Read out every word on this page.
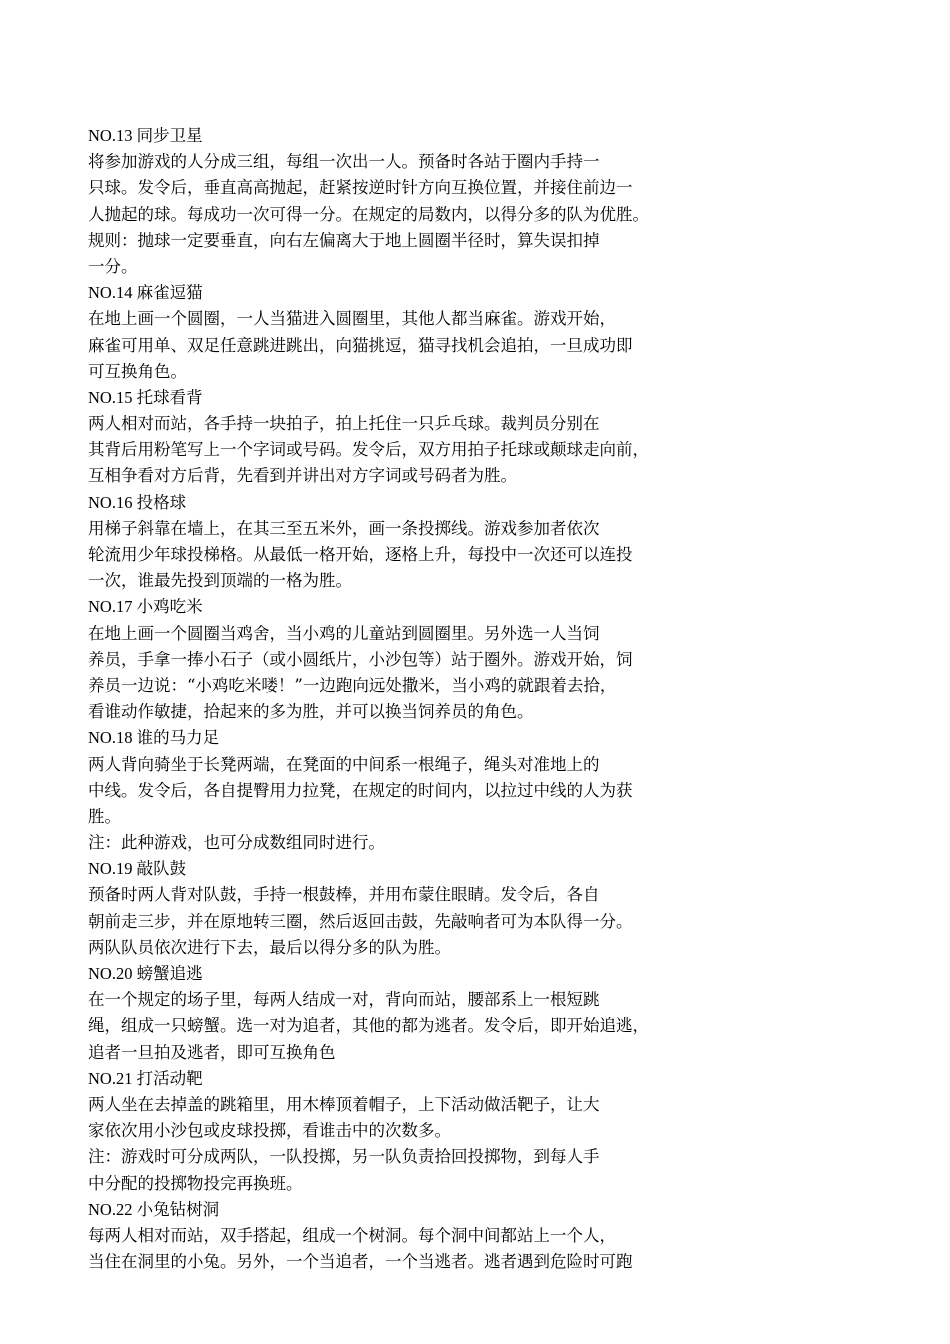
NO.13 同步卫星
将参加游戏的人分成三组，每组一次出一人。预备时各站于圈内手持一
只球。发令后，垂直高高抛起，赶紧按逆时针方向互换位置，并接住前边一
人抛起的球。每成功一次可得一分。在规定的局数内，以得分多的队为优胜。
规则：抛球一定要垂直，向右左偏离大于地上圆圈半径时，算失误扣掉
一分。
NO.14 麻雀逗猫
在地上画一个圆圈，一人当猫进入圆圈里，其他人都当麻雀。游戏开始，
麻雀可用单、双足任意跳进跳出，向猫挑逗，猫寻找机会追拍，一旦成功即
可互换角色。
NO.15 托球看背
两人相对而站，各手持一块拍子，拍上托住一只乒乓球。裁判员分别在
其背后用粉笔写上一个字词或号码。发令后，双方用拍子托球或颠球走向前，
互相争看对方后背，先看到并讲出对方字词或号码者为胜。
NO.16 投格球
用梯子斜靠在墙上，在其三至五米外，画一条投掷线。游戏参加者依次
轮流用少年球投梯格。从最低一格开始，逐格上升，每投中一次还可以连投
一次，谁最先投到顶端的一格为胜。
NO.17 小鸡吃米
在地上画一个圆圈当鸡舍，当小鸡的儿童站到圆圈里。另外选一人当饲
养员，手拿一捧小石子（或小圆纸片，小沙包等）站于圈外。游戏开始，饲
养员一边说：“小鸡吃米喽！”一边跑向远处撒米，当小鸡的就跟着去拾，
看谁动作敏捷，拾起来的多为胜，并可以换当饲养员的角色。
NO.18 谁的马力足
两人背向骑坐于长凳两端，在凳面的中间系一根绳子，绳头对准地上的
中线。发令后，各自提臀用力拉凳，在规定的时间内，以拉过中线的人为获
胜。
注：此种游戏，也可分成数组同时进行。
NO.19 敲队鼓
预备时两人背对队鼓，手持一根鼓棒，并用布蒙住眼睛。发令后，各自
朝前走三步，并在原地转三圈，然后返回击鼓，先敲响者可为本队得一分。
两队队员依次进行下去，最后以得分多的队为胜。
NO.20 螃蟹追逃
在一个规定的场子里，每两人结成一对，背向而站，腰部系上一根短跳
绳，组成一只螃蟹。选一对为追者，其他的都为逃者。发令后，即开始追逃，
追者一旦拍及逃者，即可互换角色
NO.21 打活动靶
两人坐在去掉盖的跳箱里，用木棒顶着帽子，上下活动做活靶子，让大
家依次用小沙包或皮球投掷，看谁击中的次数多。
注：游戏时可分成两队，一队投掷，另一队负责拾回投掷物，到每人手
中分配的投掷物投完再换班。
NO.22 小兔钻树洞
每两人相对而站，双手搭起，组成一个树洞。每个洞中间都站上一个人，
当住在洞里的小兔。另外，一个当追者，一个当逃者。逃者遇到危险时可跑
